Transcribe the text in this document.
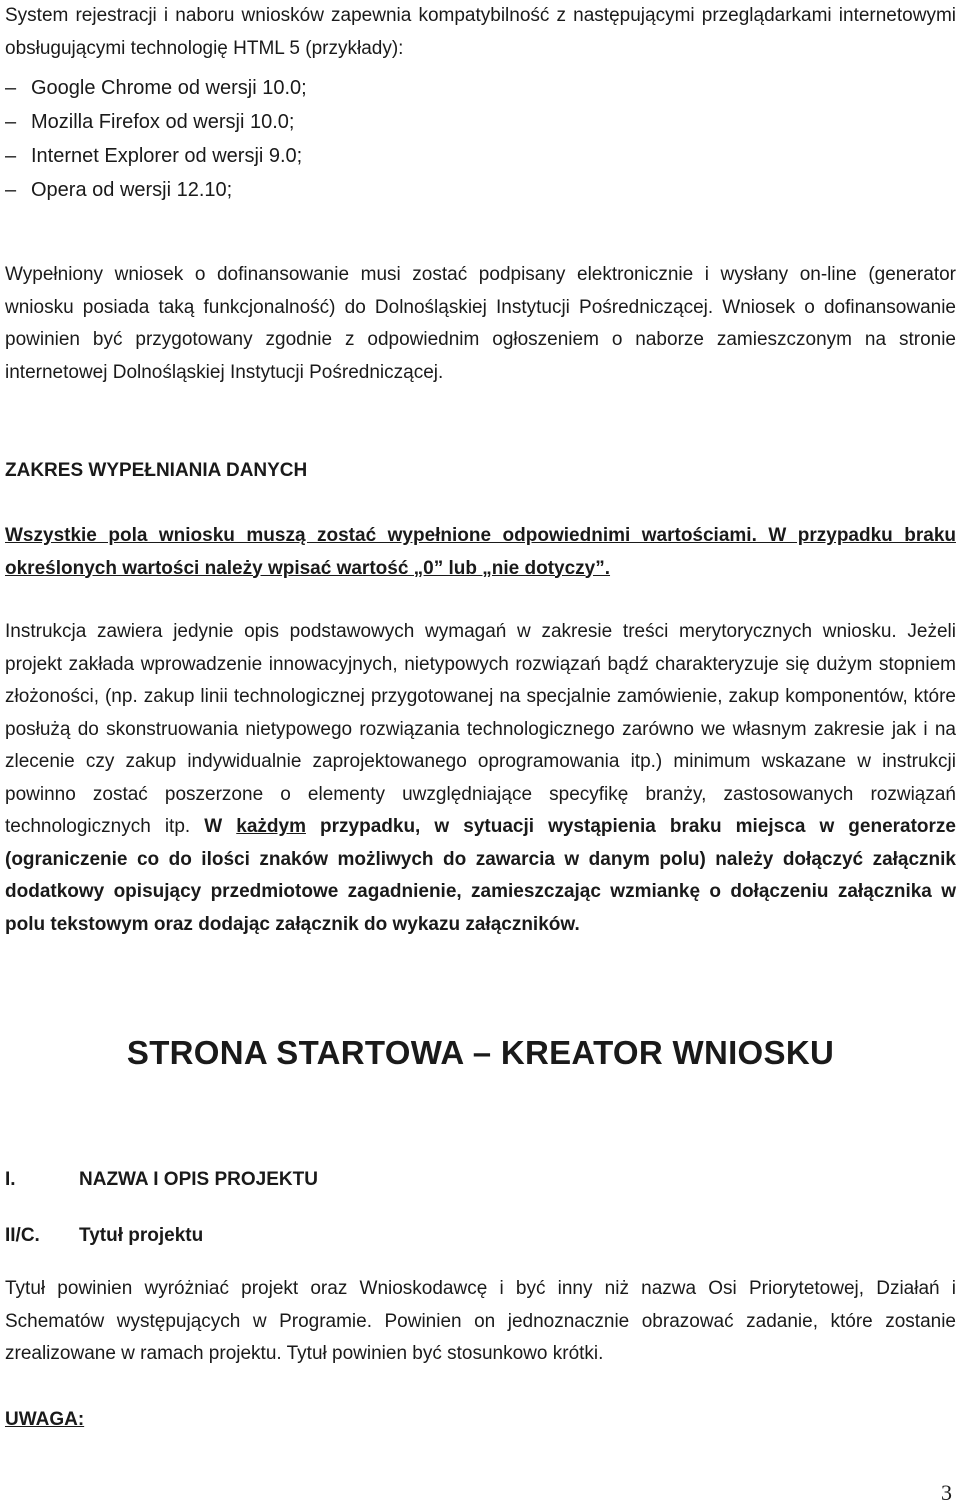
System rejestracji i naboru wniosków zapewnia kompatybilność z następującymi przeglądarkami internetowymi obsługującymi technologię HTML 5 (przykłady):

– Google Chrome od wersji 10.0;
– Mozilla Firefox od wersji 10.0;
– Internet Explorer od wersji 9.0;
– Opera od wersji 12.10;

Wypełniony wniosek o dofinansowanie musi zostać podpisany elektronicznie i wysłany on-line (generator wniosku posiada taką funkcjonalność) do Dolnośląskiej Instytucji Pośredniczącej. Wniosek o dofinansowanie powinien być przygotowany zgodnie z odpowiednim ogłoszeniem o naborze zamieszczonym na stronie internetowej Dolnośląskiej Instytucji Pośredniczącej.

ZAKRES WYPEŁNIANIA DANYCH

Wszystkie pola wniosku muszą zostać wypełnione odpowiednimi wartościami. W przypadku braku określonych wartości należy wpisać wartość „0” lub „nie dotyczy”.

Instrukcja zawiera jedynie opis podstawowych wymagań w zakresie treści merytorycznych wniosku. Jeżeli projekt zakłada wprowadzenie innowacyjnych, nietypowych rozwiązań bądź charakteryzuje się dużym stopniem złożoności, (np. zakup linii technologicznej przygotowanej na specjalnie zamówienie, zakup komponentów, które posłużą do skonstruowania nietypowego rozwiązania technologicznego zarówno we własnym zakresie jak i na zlecenie czy zakup indywidualnie zaprojektowanego oprogramowania itp.) minimum wskazane w instrukcji powinno zostać poszerzone o elementy uwzględniające specyfikę branży, zastosowanych rozwiązań technologicznych itp. W każdym przypadku, w sytuacji wystąpienia braku miejsca w generatorze (ograniczenie co do ilości znaków możliwych do zawarcia w danym polu) należy dołączyć załącznik dodatkowy opisujący przedmiotowe zagadnienie, zamieszczając wzmiankę o dołączeniu załącznika w polu tekstowym oraz dodając załącznik do wykazu załączników.

STRONA STARTOWA – KREATOR WNIOSKU
I.	NAZWA I OPIS PROJEKTU
II/C. Tytuł projektu

Tytuł powinien wyróżniać projekt oraz Wnioskodawcę i być inny niż nazwa Osi Priorytetowej, Działań i Schematów występujących w Programie. Powinien on jednoznacznie obrazować zadanie, które zostanie zrealizowane w ramach projektu. Tytuł powinien być stosunkowo krótki.

UWAGA:

3
